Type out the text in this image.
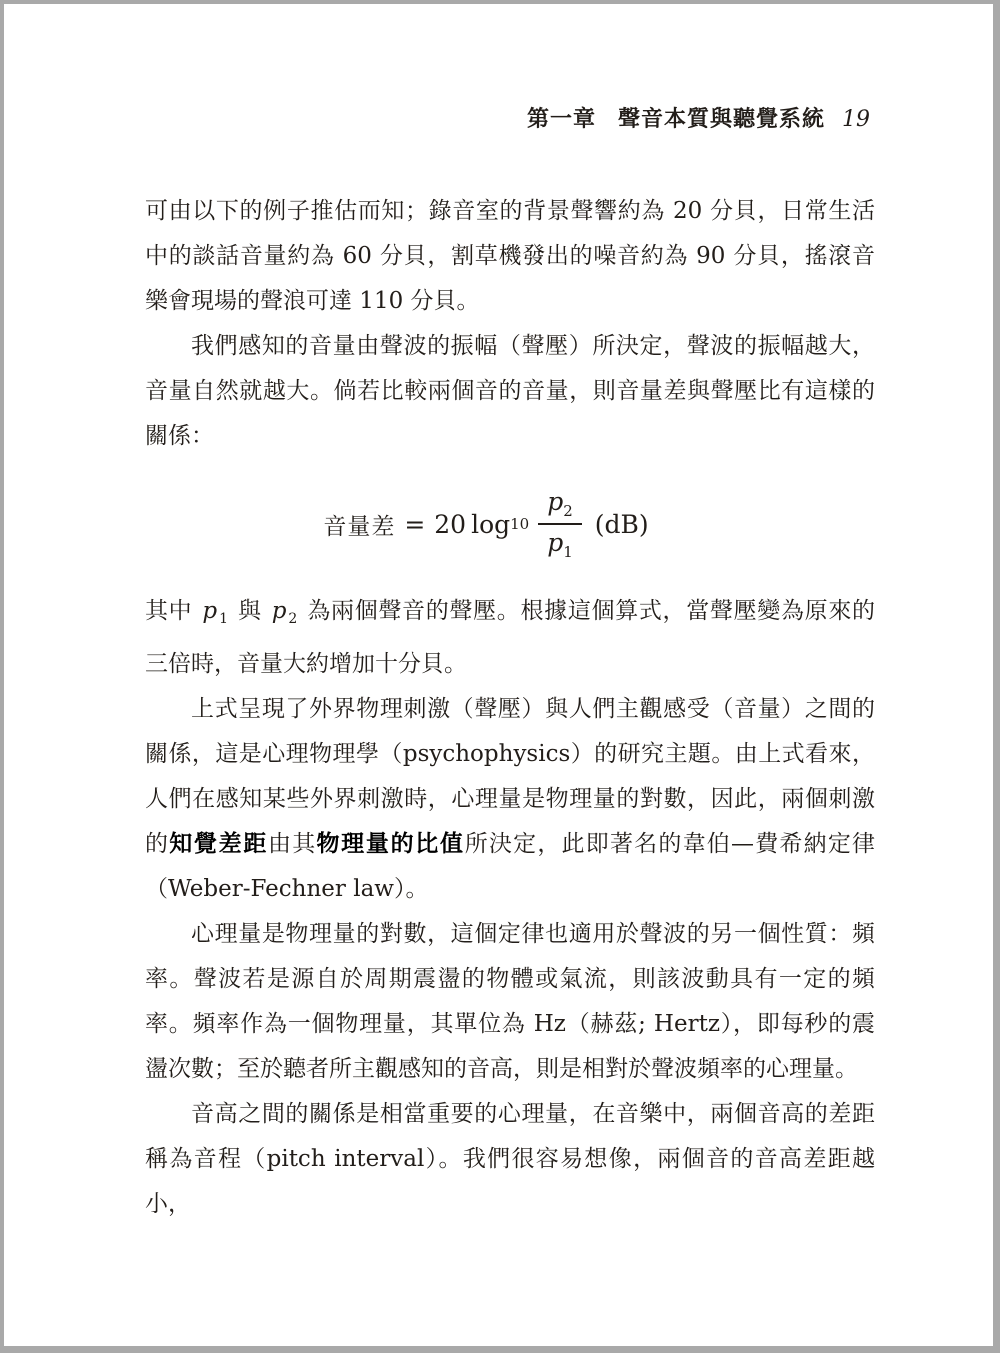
第一章 聲音本質與聽覺系統 19

可由以下的例子推估而知；錄音室的背景聲響約為 20 分貝，日常生活中的談話音量約為 60 分貝，割草機發出的噪音約為 90 分貝，搖滾音樂會現場的聲浪可達 110 分貝。

我們感知的音量由聲波的振幅（聲壓）所決定，聲波的振幅越大，音量自然就越大。倘若比較兩個音的音量，則音量差與聲壓比有這樣的關係：

音量差 = 20 $\log 10 \frac{p_2}{p_1} (dB)$

其中 p $_1$ 與 p $_2$ 為兩個聲音的聲壓。根據這個算式，當聲壓變為原來的三倍時，音量大約增加十分貝。

上式呈現了外界物理刺激（聲壓）與人們主觀感受（音量）之間的關係，這是心理物理學（psychophysics）的研究主題。由上式看來，人們在感知某些外界刺激時，心理量是物理量的對數，因此，兩個刺激的知覺差距由其物理量的比值所決定，此即著名的韋伯—費希納定律（Weber-Fechner law）。

心理量是物理量的對數，這個定律也適用於聲波的另一個性質：頻率。聲波若是源自於周期震盪的物體或氣流，則該波動具有一定的頻率。頻率作為一個物理量，其單位為 Hz（赫茲; Hertz），即每秒的震盪次數；至於聽者所主觀感知的音高，則是相對於聲波頻率的心理量。

音高之間的關係是相當重要的心理量，在音樂中，兩個音高的差距稱為音程（pitch interval）。我們很容易想像，兩個音的音高差距越小，
